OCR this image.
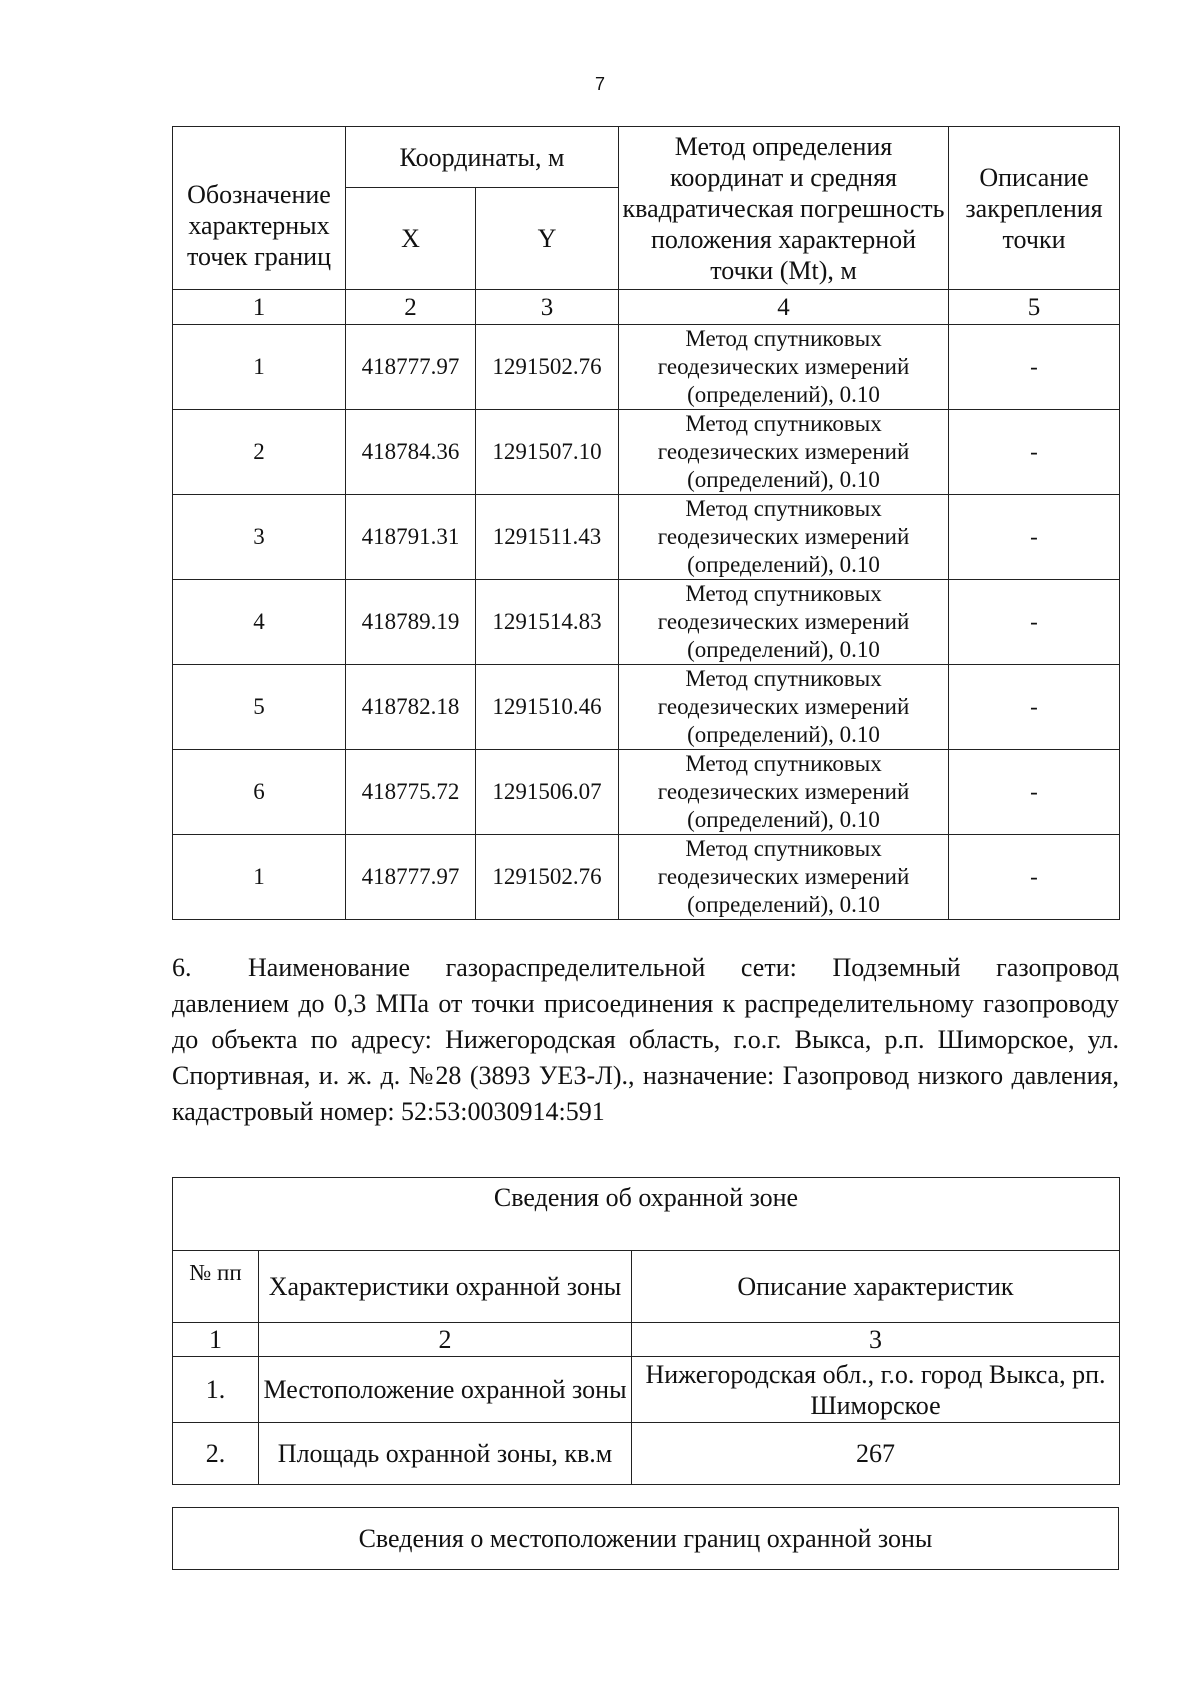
7
Обозначение характерных точек границ	Координаты, м		Метод определения координат и средняя квадратическая погрешность положения характерной точки (Mt), м	Описание закрепления точки
	X	Y		
1	2	3	4	5
1	418777.97	1291502.76	Метод спутниковых геодезических измерений (определений), 0.10	-
2	418784.36	1291507.10	Метод спутниковых геодезических измерений (определений), 0.10	-
3	418791.31	1291511.43	Метод спутниковых геодезических измерений (определений), 0.10	-
4	418789.19	1291514.83	Метод спутниковых геодезических измерений (определений), 0.10	-
5	418782.18	1291510.46	Метод спутниковых геодезических измерений (определений), 0.10	-
6	418775.72	1291506.07	Метод спутниковых геодезических измерений (определений), 0.10	-
1	418777.97	1291502.76	Метод спутниковых геодезических измерений (определений), 0.10	-

6. Наименование газораспределительной сети: Подземный газопровод давлением до 0,3 МПа от точки присоединения к распределительному газопроводу до объекта по адресу: Нижегородская область, г.о.г. Выкса, р.п. Шиморское, ул. Спортивная, и. ж. д. №28 (3893 УЕЗ-Л)., назначение: Газопровод низкого давления, кадастровый номер: 52:53:0030914:591

Сведения об охранной зоне		
№ пп	Характеристики охранной зоны	Описание характеристик
1	2	3
1.	Местоположение охранной зоны	Нижегородская обл., г.о. город Выкса, рп. Шиморское
2.	Площадь охранной зоны, кв.м	267
Сведения о местоположении границ охранной зоны
